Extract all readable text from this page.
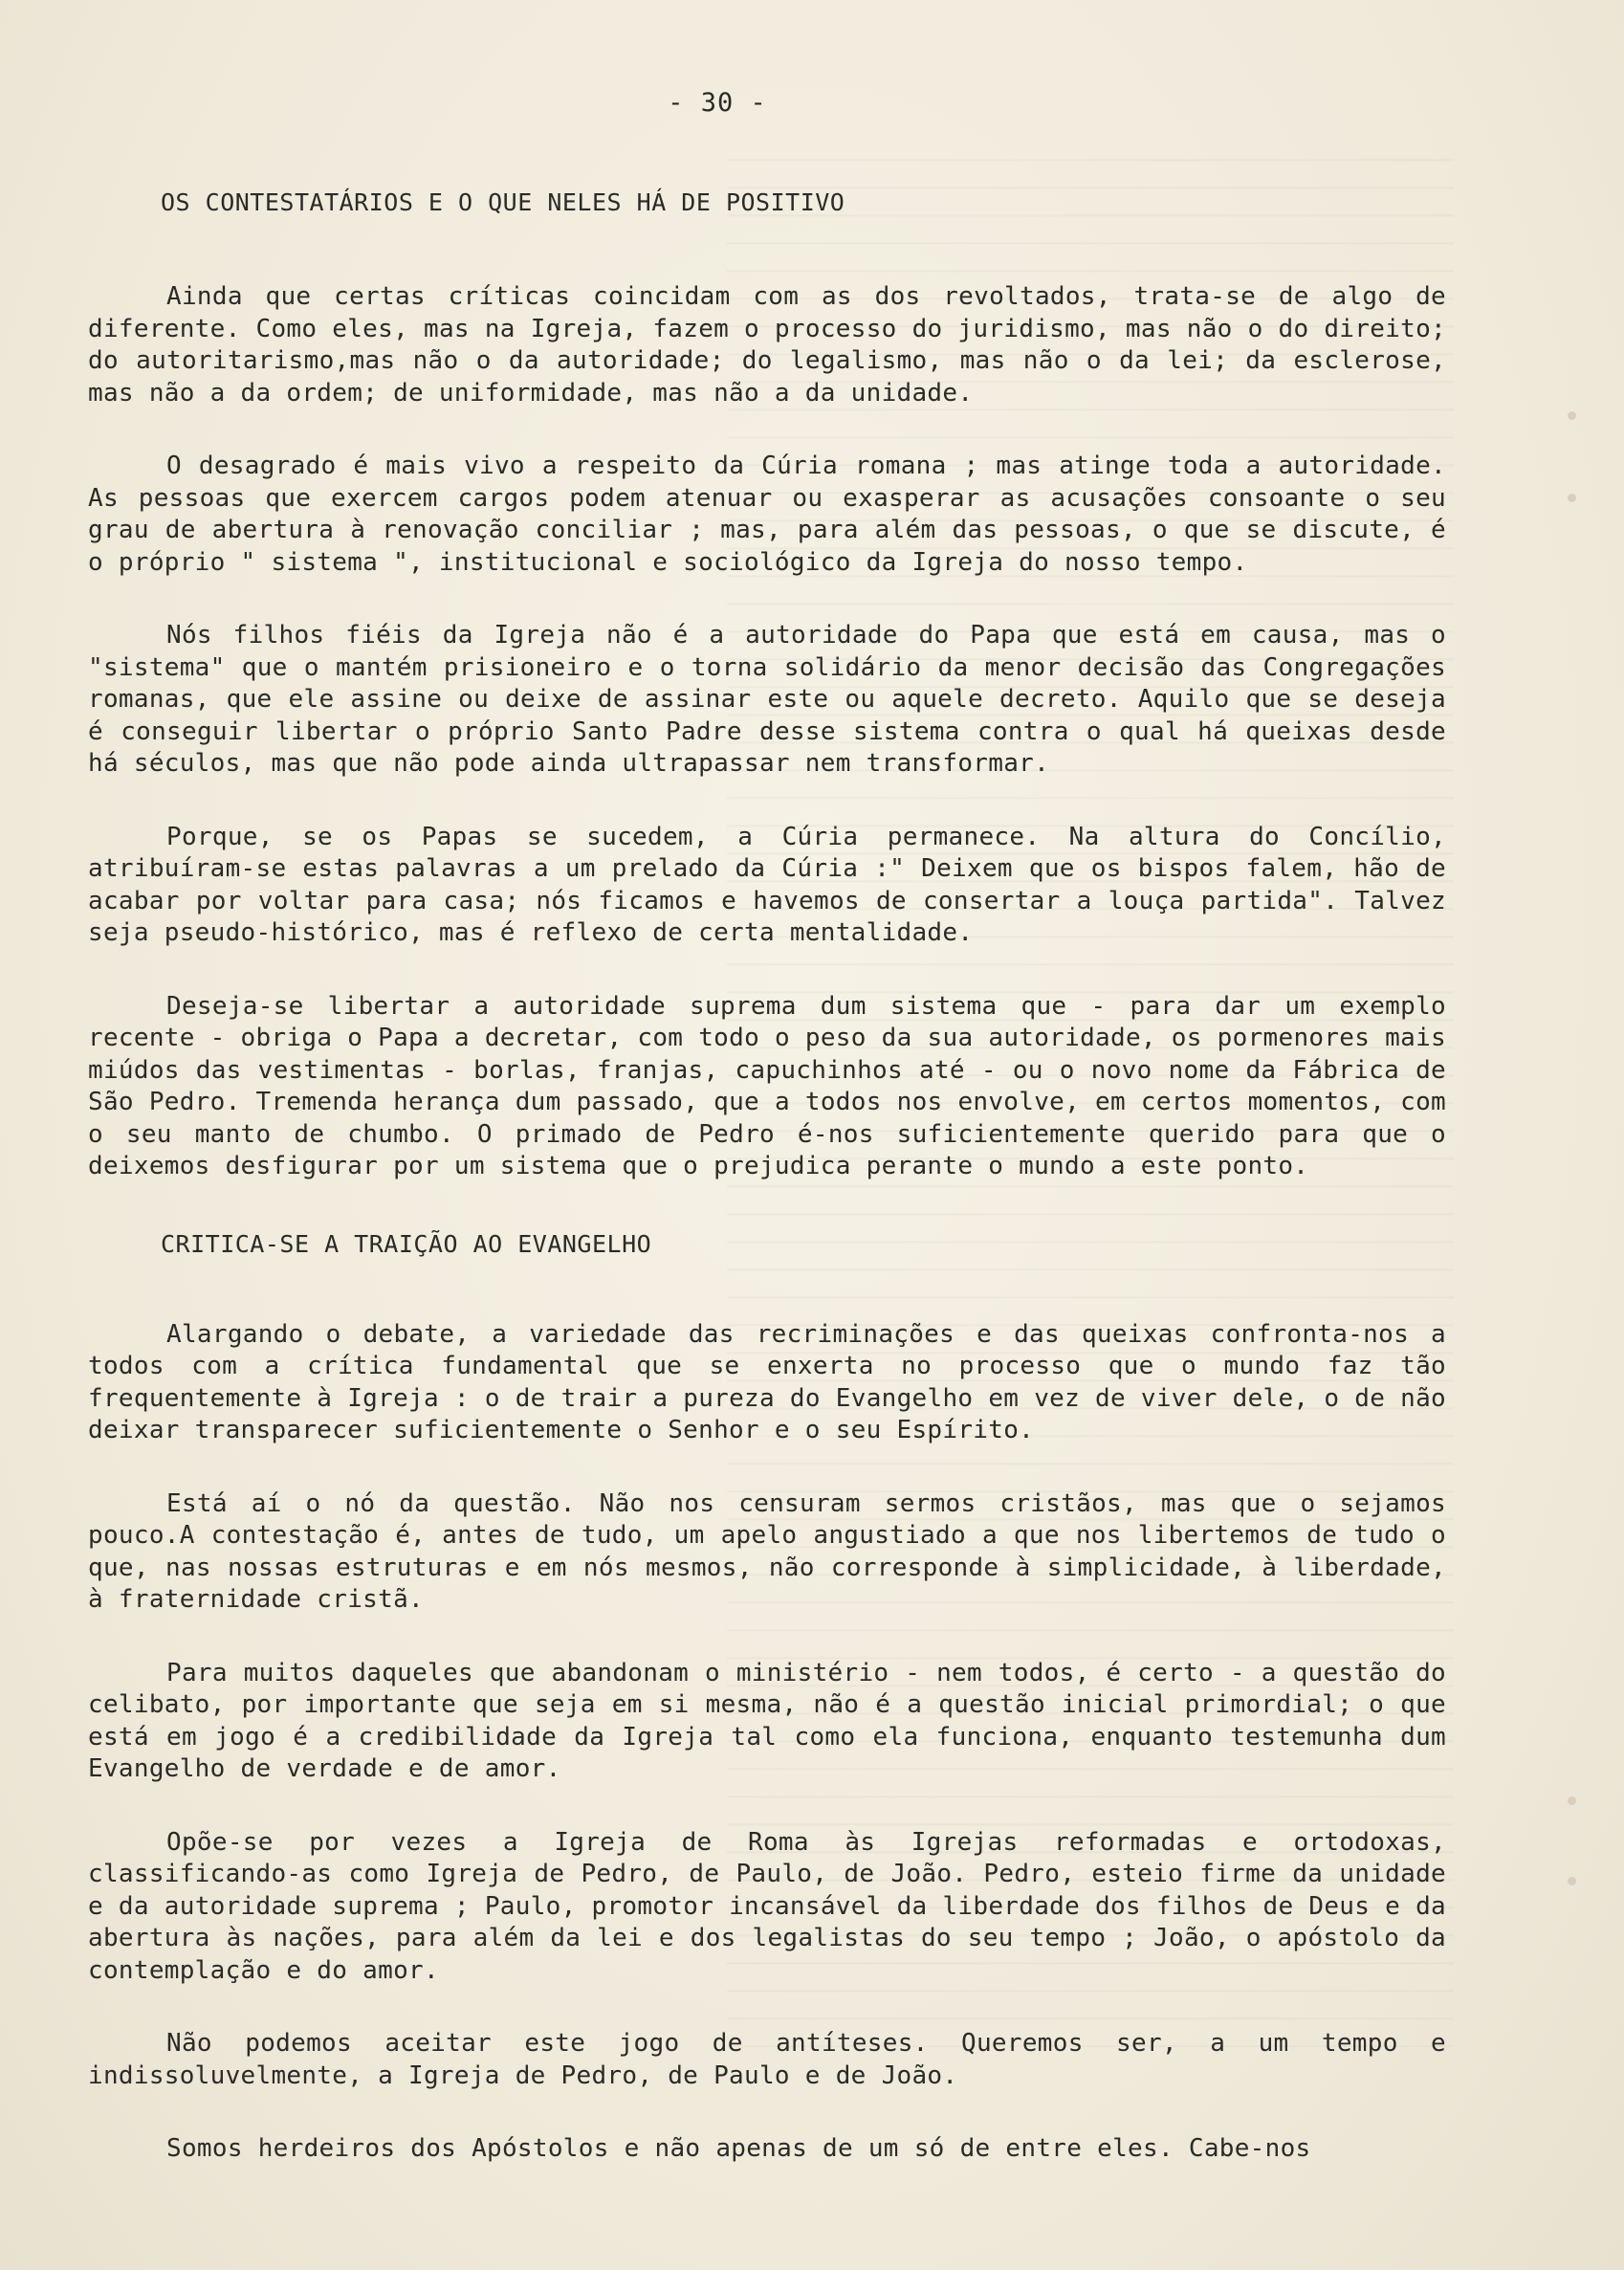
- 30 -
OS CONTESTATÁRIOS E O QUE NELES HÁ DE POSITIVO

Ainda que certas críticas coincidam com as dos revoltados, trata-se de algo de diferente. Como eles, mas na Igreja, fazem o processo do juridismo, mas não o do direito; do autoritarismo,mas não o da autoridade; do legalismo, mas não o da lei; da esclerose, mas não a da ordem; de uniformidade, mas não a da unidade.

O desagrado é mais vivo a respeito da Cúria romana ; mas atinge toda a autoridade. As pessoas que exercem cargos podem atenuar ou exasperar as acusações consoante o seu grau de abertura à renovação conciliar ; mas, para além das pessoas, o que se discute, é o próprio " sistema ", institucional e sociológico da Igreja do nosso tempo.

Nós filhos fiéis da Igreja não é a autoridade do Papa que está em causa, mas o "sistema" que o mantém prisioneiro e o torna solidário da menor decisão das Congregações romanas, que ele assine ou deixe de assinar este ou aquele decreto. Aquilo que se deseja é conseguir libertar o próprio Santo Padre desse sistema contra o qual há queixas desde há séculos, mas que não pode ainda ultrapassar nem transformar.

Porque, se os Papas se sucedem, a Cúria permanece. Na altura do Concílio, atribuíram-se estas palavras a um prelado da Cúria :" Deixem que os bispos falem, hão de acabar por voltar para casa; nós ficamos e havemos de consertar a louça partida". Talvez seja pseudo-histórico, mas é reflexo de certa mentalidade.

Deseja-se libertar a autoridade suprema dum sistema que - para dar um exemplo recente - obriga o Papa a decretar, com todo o peso da sua autoridade, os pormenores mais miúdos das vestimentas - borlas, franjas, capuchinhos até - ou o novo nome da Fábrica de São Pedro. Tremenda herança dum passado, que a todos nos envolve, em certos momentos, com o seu manto de chumbo. O primado de Pedro é-nos suficientemente querido para que o deixemos desfigurar por um sistema que o prejudica perante o mundo a este ponto.

CRITICA-SE A TRAIÇÃO AO EVANGELHO

Alargando o debate, a variedade das recriminações e das queixas confronta-nos a todos com a crítica fundamental que se enxerta no processo que o mundo faz tão frequentemente à Igreja : o de trair a pureza do Evangelho em vez de viver dele, o de não deixar transparecer suficientemente o Senhor e o seu Espírito.

Está aí o nó da questão. Não nos censuram sermos cristãos, mas que o sejamos pouco.A contestação é, antes de tudo, um apelo angustiado a que nos libertemos de tudo o que, nas nossas estruturas e em nós mesmos, não corresponde à simplicidade, à liberdade, à fraternidade cristã.

Para muitos daqueles que abandonam o ministério - nem todos, é certo - a questão do celibato, por importante que seja em si mesma, não é a questão inicial primordial; o que está em jogo é a credibilidade da Igreja tal como ela funciona, enquanto testemunha dum Evangelho de verdade e de amor.

Opõe-se por vezes a Igreja de Roma às Igrejas reformadas e ortodoxas, classificando-as como Igreja de Pedro, de Paulo, de João. Pedro, esteio firme da unidade e da autoridade suprema ; Paulo, promotor incansável da liberdade dos filhos de Deus e da abertura às nações, para além da lei e dos legalistas do seu tempo ; João, o apóstolo da contemplação e do amor.

Não podemos aceitar este jogo de antíteses. Queremos ser, a um tempo e indissoluvelmente, a Igreja de Pedro, de Paulo e de João.

Somos herdeiros dos Apóstolos e não apenas de um só de entre eles. Cabe-nos
